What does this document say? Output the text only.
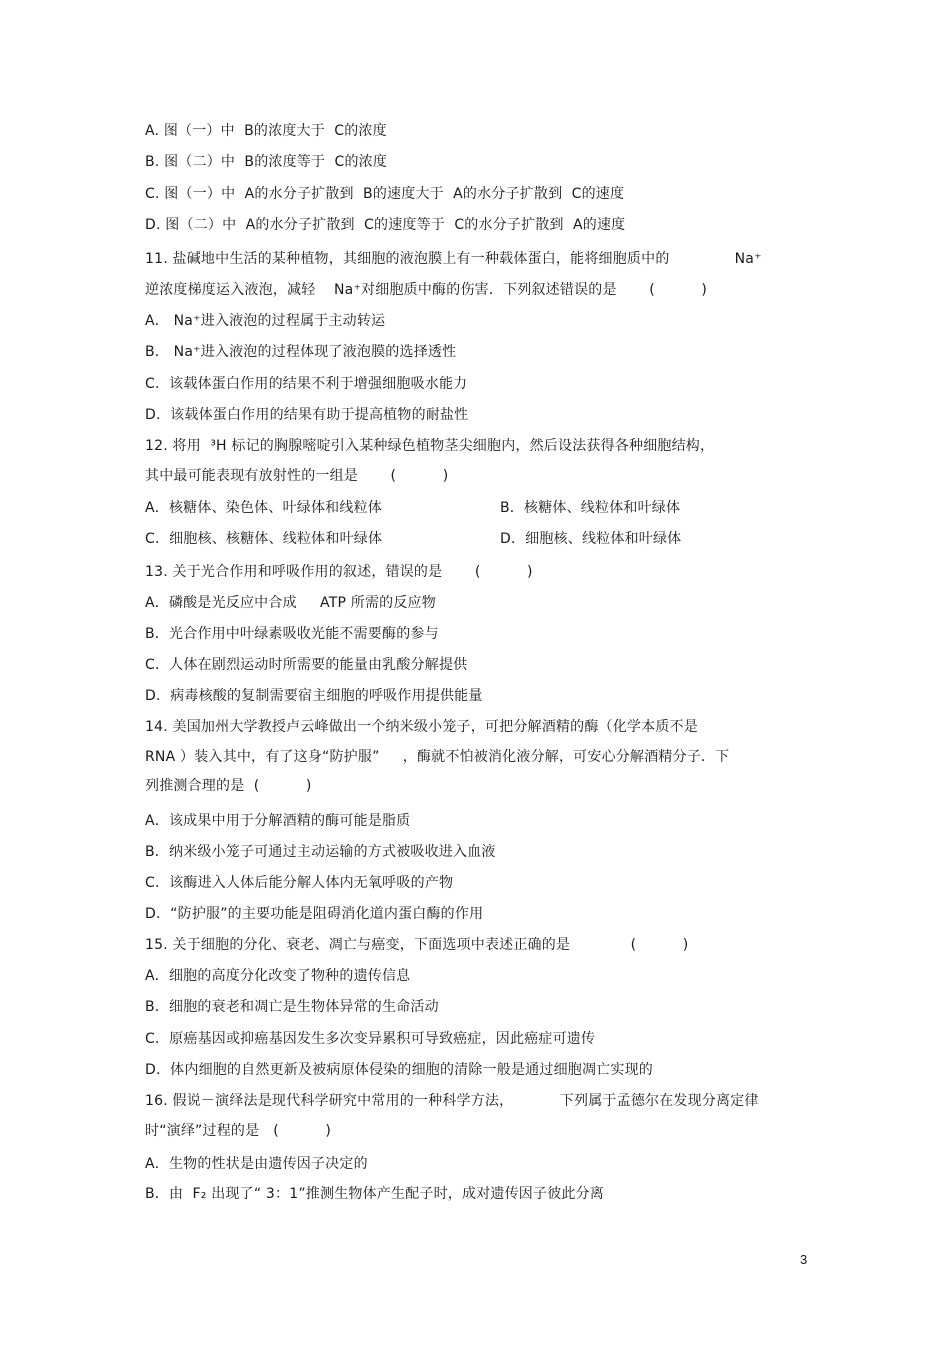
A. 图（一）中  B的浓度大于  C的浓度
B. 图（二）中  B的浓度等于  C的浓度
C. 图（一）中  A的水分子扩散到  B的速度大于  A的水分子扩散到  C的速度
D. 图（二）中  A的水分子扩散到  C的速度等于  C的水分子扩散到  A的速度
11. 盐碱地中生活的某种植物，其细胞的液泡膜上有一种载体蛋白，能将细胞质中的              Na⁺
逆浓度梯度运入液泡，减轻    Na⁺对细胞质中酶的伤害．下列叙述错误的是       (          )
A． Na⁺进入液泡的过程属于主动转运
B． Na⁺进入液泡的过程体现了液泡膜的选择透性
C．该载体蛋白作用的结果不利于增强细胞吸水能力
D．该载体蛋白作用的结果有助于提高植物的耐盐性
12. 将用  ³H 标记的胸腺嘧啶引入某种绿色植物茎尖细胞内，然后设法获得各种细胞结构，
其中最可能表现有放射性的一组是       (          )
A．核糖体、染色体、叶绿体和线粒体	B．核糖体、线粒体和叶绿体
C．细胞核、核糖体、线粒体和叶绿体	D．细胞核、线粒体和叶绿体
13. 关于光合作用和呼吸作用的叙述，错误的是       (          )
A．磷酸是光反应中合成     ATP 所需的反应物
B．光合作用中叶绿素吸收光能不需要酶的参与
C．人体在剧烈运动时所需要的能量由乳酸分解提供
D．病毒核酸的复制需要宿主细胞的呼吸作用提供能量
14. 美国加州大学教授卢云峰做出一个纳米级小笼子，可把分解酒精的酶（化学本质不是
RNA ）装入其中，有了这身“防护服”     ，酶就不怕被消化液分解，可安心分解酒精分子．下
列推测合理的是  (          )
A．该成果中用于分解酒精的酶可能是脂质
B．纳米级小笼子可通过主动运输的方式被吸收进入血液
C．该酶进入人体后能分解人体内无氧呼吸的产物
D．“防护服”的主要功能是阻碍消化道内蛋白酶的作用
15. 关于细胞的分化、衰老、凋亡与癌变，下面选项中表述正确的是             (          )
A．细胞的高度分化改变了物种的遗传信息
B．细胞的衰老和凋亡是生物体异常的生命活动
C．原癌基因或抑癌基因发生多次变异累积可导致癌症，因此癌症可遗传
D．体内细胞的自然更新及被病原体侵染的细胞的清除一般是通过细胞凋亡实现的
16. 假说－演绎法是现代科学研究中常用的一种科学方法，          下列属于孟德尔在发现分离定律
时“演绎”过程的是   (          )
A．生物的性状是由遗传因子决定的
B．由  F₂ 出现了“ 3：1”推测生物体产生配子时，成对遗传因子彼此分离
3
